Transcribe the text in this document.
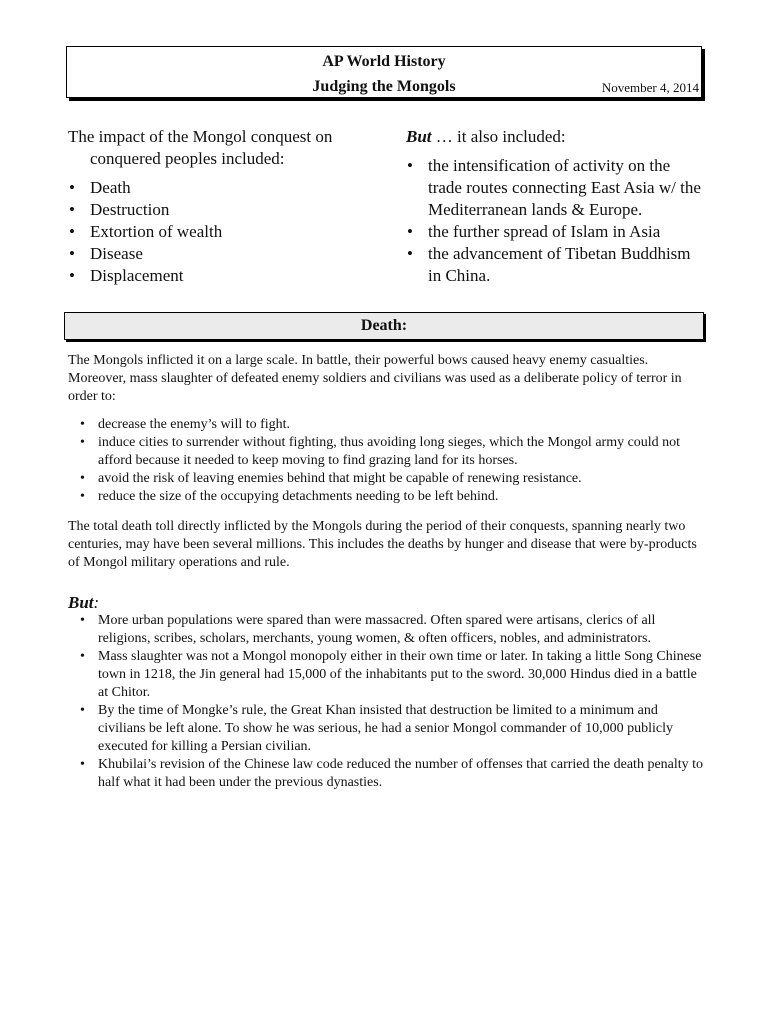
AP World History
Judging the Mongols	November 4, 2014

The impact of the Mongol conquest on conquered peoples included:

• Death
• Destruction
• Extortion of wealth
• Disease
• Displacement

But … it also included:

• the intensification of activity on the trade routes connecting East Asia w/ the Mediterranean lands & Europe.
• the further spread of Islam in Asia
• the advancement of Tibetan Buddhism in China.
Death:
The Mongols inflicted it on a large scale. In battle, their powerful bows caused heavy enemy casualties. Moreover, mass slaughter of defeated enemy soldiers and civilians was used as a deliberate policy of terror in order to:
• decrease the enemy’s will to fight.
• induce cities to surrender without fighting, thus avoiding long sieges, which the Mongol army could not afford because it needed to keep moving to find grazing land for its horses.
• avoid the risk of leaving enemies behind that might be capable of renewing resistance.
• reduce the size of the occupying detachments needing to be left behind.
The total death toll directly inflicted by the Mongols during the period of their conquests, spanning nearly two centuries, may have been several millions. This includes the deaths by hunger and disease that were by-products of Mongol military operations and rule.
But:
• More urban populations were spared than were massacred. Often spared were artisans, clerics of all religions, scribes, scholars, merchants, young women, & often officers, nobles, and administrators.
• Mass slaughter was not a Mongol monopoly either in their own time or later. In taking a little Song Chinese town in 1218, the Jin general had 15,000 of the inhabitants put to the sword. 30,000 Hindus died in a battle at Chitor.
• By the time of Mongke’s rule, the Great Khan insisted that destruction be limited to a minimum and civilians be left alone. To show he was serious, he had a senior Mongol commander of 10,000 publicly executed for killing a Persian civilian.
• Khubilai’s revision of the Chinese law code reduced the number of offenses that carried the death penalty to half what it had been under the previous dynasties.
